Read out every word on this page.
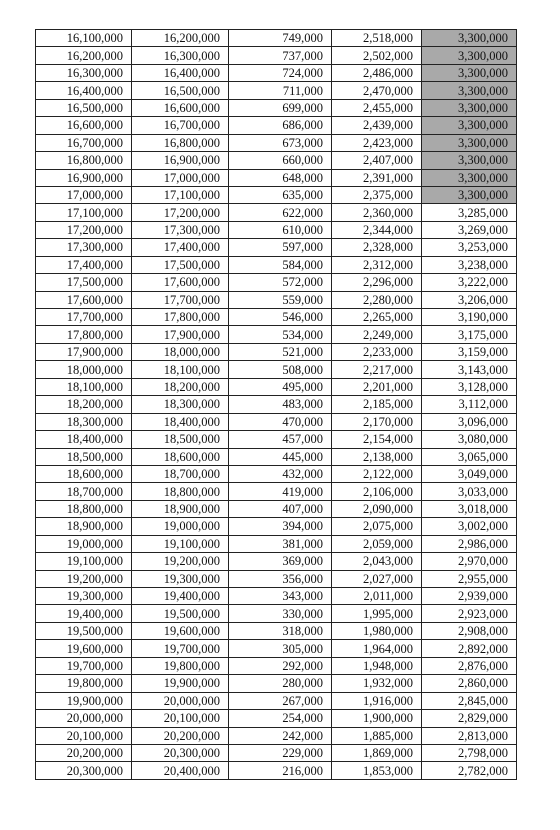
16,100,000	16,200,000	749,000	2,518,000	3,300,000
16,200,000	16,300,000	737,000	2,502,000	3,300,000
16,300,000	16,400,000	724,000	2,486,000	3,300,000
16,400,000	16,500,000	711,000	2,470,000	3,300,000
16,500,000	16,600,000	699,000	2,455,000	3,300,000
16,600,000	16,700,000	686,000	2,439,000	3,300,000
16,700,000	16,800,000	673,000	2,423,000	3,300,000
16,800,000	16,900,000	660,000	2,407,000	3,300,000
16,900,000	17,000,000	648,000	2,391,000	3,300,000
17,000,000	17,100,000	635,000	2,375,000	3,300,000
17,100,000	17,200,000	622,000	2,360,000	3,285,000
17,200,000	17,300,000	610,000	2,344,000	3,269,000
17,300,000	17,400,000	597,000	2,328,000	3,253,000
17,400,000	17,500,000	584,000	2,312,000	3,238,000
17,500,000	17,600,000	572,000	2,296,000	3,222,000
17,600,000	17,700,000	559,000	2,280,000	3,206,000
17,700,000	17,800,000	546,000	2,265,000	3,190,000
17,800,000	17,900,000	534,000	2,249,000	3,175,000
17,900,000	18,000,000	521,000	2,233,000	3,159,000
18,000,000	18,100,000	508,000	2,217,000	3,143,000
18,100,000	18,200,000	495,000	2,201,000	3,128,000
18,200,000	18,300,000	483,000	2,185,000	3,112,000
18,300,000	18,400,000	470,000	2,170,000	3,096,000
18,400,000	18,500,000	457,000	2,154,000	3,080,000
18,500,000	18,600,000	445,000	2,138,000	3,065,000
18,600,000	18,700,000	432,000	2,122,000	3,049,000
18,700,000	18,800,000	419,000	2,106,000	3,033,000
18,800,000	18,900,000	407,000	2,090,000	3,018,000
18,900,000	19,000,000	394,000	2,075,000	3,002,000
19,000,000	19,100,000	381,000	2,059,000	2,986,000
19,100,000	19,200,000	369,000	2,043,000	2,970,000
19,200,000	19,300,000	356,000	2,027,000	2,955,000
19,300,000	19,400,000	343,000	2,011,000	2,939,000
19,400,000	19,500,000	330,000	1,995,000	2,923,000
19,500,000	19,600,000	318,000	1,980,000	2,908,000
19,600,000	19,700,000	305,000	1,964,000	2,892,000
19,700,000	19,800,000	292,000	1,948,000	2,876,000
19,800,000	19,900,000	280,000	1,932,000	2,860,000
19,900,000	20,000,000	267,000	1,916,000	2,845,000
20,000,000	20,100,000	254,000	1,900,000	2,829,000
20,100,000	20,200,000	242,000	1,885,000	2,813,000
20,200,000	20,300,000	229,000	1,869,000	2,798,000
20,300,000	20,400,000	216,000	1,853,000	2,782,000
